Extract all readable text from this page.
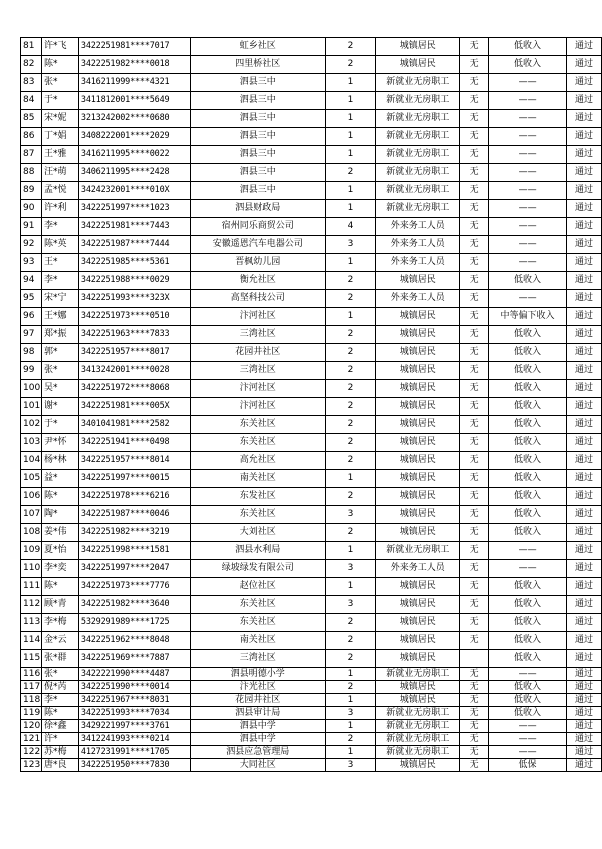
81	许*飞	3422251981****7017	虹乡社区	2	城镇居民	无	低收入	通过
82	陈*	3422251982****0018	四里桥社区	2	城镇居民	无	低收入	通过
83	张*	3416211999****4321	泗县三中	1	新就业无房职工	无	——	通过
84	于*	3411812001****5649	泗县三中	1	新就业无房职工	无	——	通过
85	宋*妮	3213242002****0680	泗县三中	1	新就业无房职工	无	——	通过
86	丁*娟	3408222001****2029	泗县三中	1	新就业无房职工	无	——	通过
87	王*雅	3416211995****0022	泗县三中	1	新就业无房职工	无	——	通过
88	汪*萌	3406211995****2428	泗县三中	2	新就业无房职工	无	——	通过
89	孟*悦	3424232001****010X	泗县三中	1	新就业无房职工	无	——	通过
90	许*利	3422251997****1023	泗县财政局	1	新就业无房职工	无	——	通过
91	李*	3422251981****7443	宿州同乐商贸公司	4	外来务工人员	无	——	通过
92	陈*英	3422251987****7444	安徽遥恩汽车电器公司	3	外来务工人员	无	——	通过
93	王*	3422251985****5361	晋枫幼儿园	1	外来务工人员	无	——	通过
94	李*	3422251988****0029	衡允社区	2	城镇居民	无	低收入	通过
95	宋*宁	3422251993****323X	高坚科技公司	2	外来务工人员	无	——	通过
96	王*娜	3422251973****0510	汴河社区	1	城镇居民	无	中等偏下收入	通过
97	郑*振	3422251963****7833	三湾社区	2	城镇居民	无	低收入	通过
98	郭*	3422251957****8017	花园井社区	2	城镇居民	无	低收入	通过
99	张*	3413242001****0028	三湾社区	2	城镇居民	无	低收入	通过
100	吴*	3422251972****8068	汴河社区	2	城镇居民	无	低收入	通过
101	谢*	3422251981****005X	汴河社区	2	城镇居民	无	低收入	通过
102	于*	3401041981****2582	东关社区	2	城镇居民	无	低收入	通过
103	尹*怀	3422251941****0498	东关社区	2	城镇居民	无	低收入	通过
104	杨*林	3422251957****8014	高允社区	2	城镇居民	无	低收入	通过
105	益*	3422251997****0015	南关社区	1	城镇居民	无	低收入	通过
106	陈*	3422251978****6216	东发社区	2	城镇居民	无	低收入	通过
107	陶*	3422251987****0046	东关社区	3	城镇居民	无	低收入	通过
108	姜*伟	3422251982****3219	大刘社区	2	城镇居民	无	低收入	通过
109	夏*怡	3422251998****1581	泗县水利局	1	新就业无房职工	无	——	通过
110	李*奕	3422251997****2047	绿坡绿发有限公司	3	外来务工人员	无	——	通过
111	陈*	3422251973****7776	赵位社区	1	城镇居民	无	低收入	通过
112	顾*青	3422251982****3640	东关社区	3	城镇居民	无	低收入	通过
113	李*梅	5329291989****1725	东关社区	2	城镇居民	无	低收入	通过
114	金*云	3422251962****8048	南关社区	2	城镇居民	无	低收入	通过
115	张*群	3422251969****7887	三湾社区	2	城镇居民		低收入	通过
116	张*	3422221990****4487	泗县明德小学	1	新就业无房职工	无	——	通过
117	倪*芮	3422251990****0014	汴光社区	2	城镇居民	无	低收入	通过
118	李*	3422251967****8031	花园井社区	1	城镇居民	无	低收入	通过
119	陈*	3422251993****7034	泗县审计局	3	新就业无房职工	无	低收入	通过
120	徐*鑫	3429221997****3761	泗县中学	1	新就业无房职工	无	——	通过
121	许*	3412241993****0214	泗县中学	2	新就业无房职工	无	——	通过
122	苏*梅	4127231991****1705	泗县应急管理局	1	新就业无房职工	无	——	通过
123	唐*良	3422251950****7830	大同社区	3	城镇居民	无	低保	通过
